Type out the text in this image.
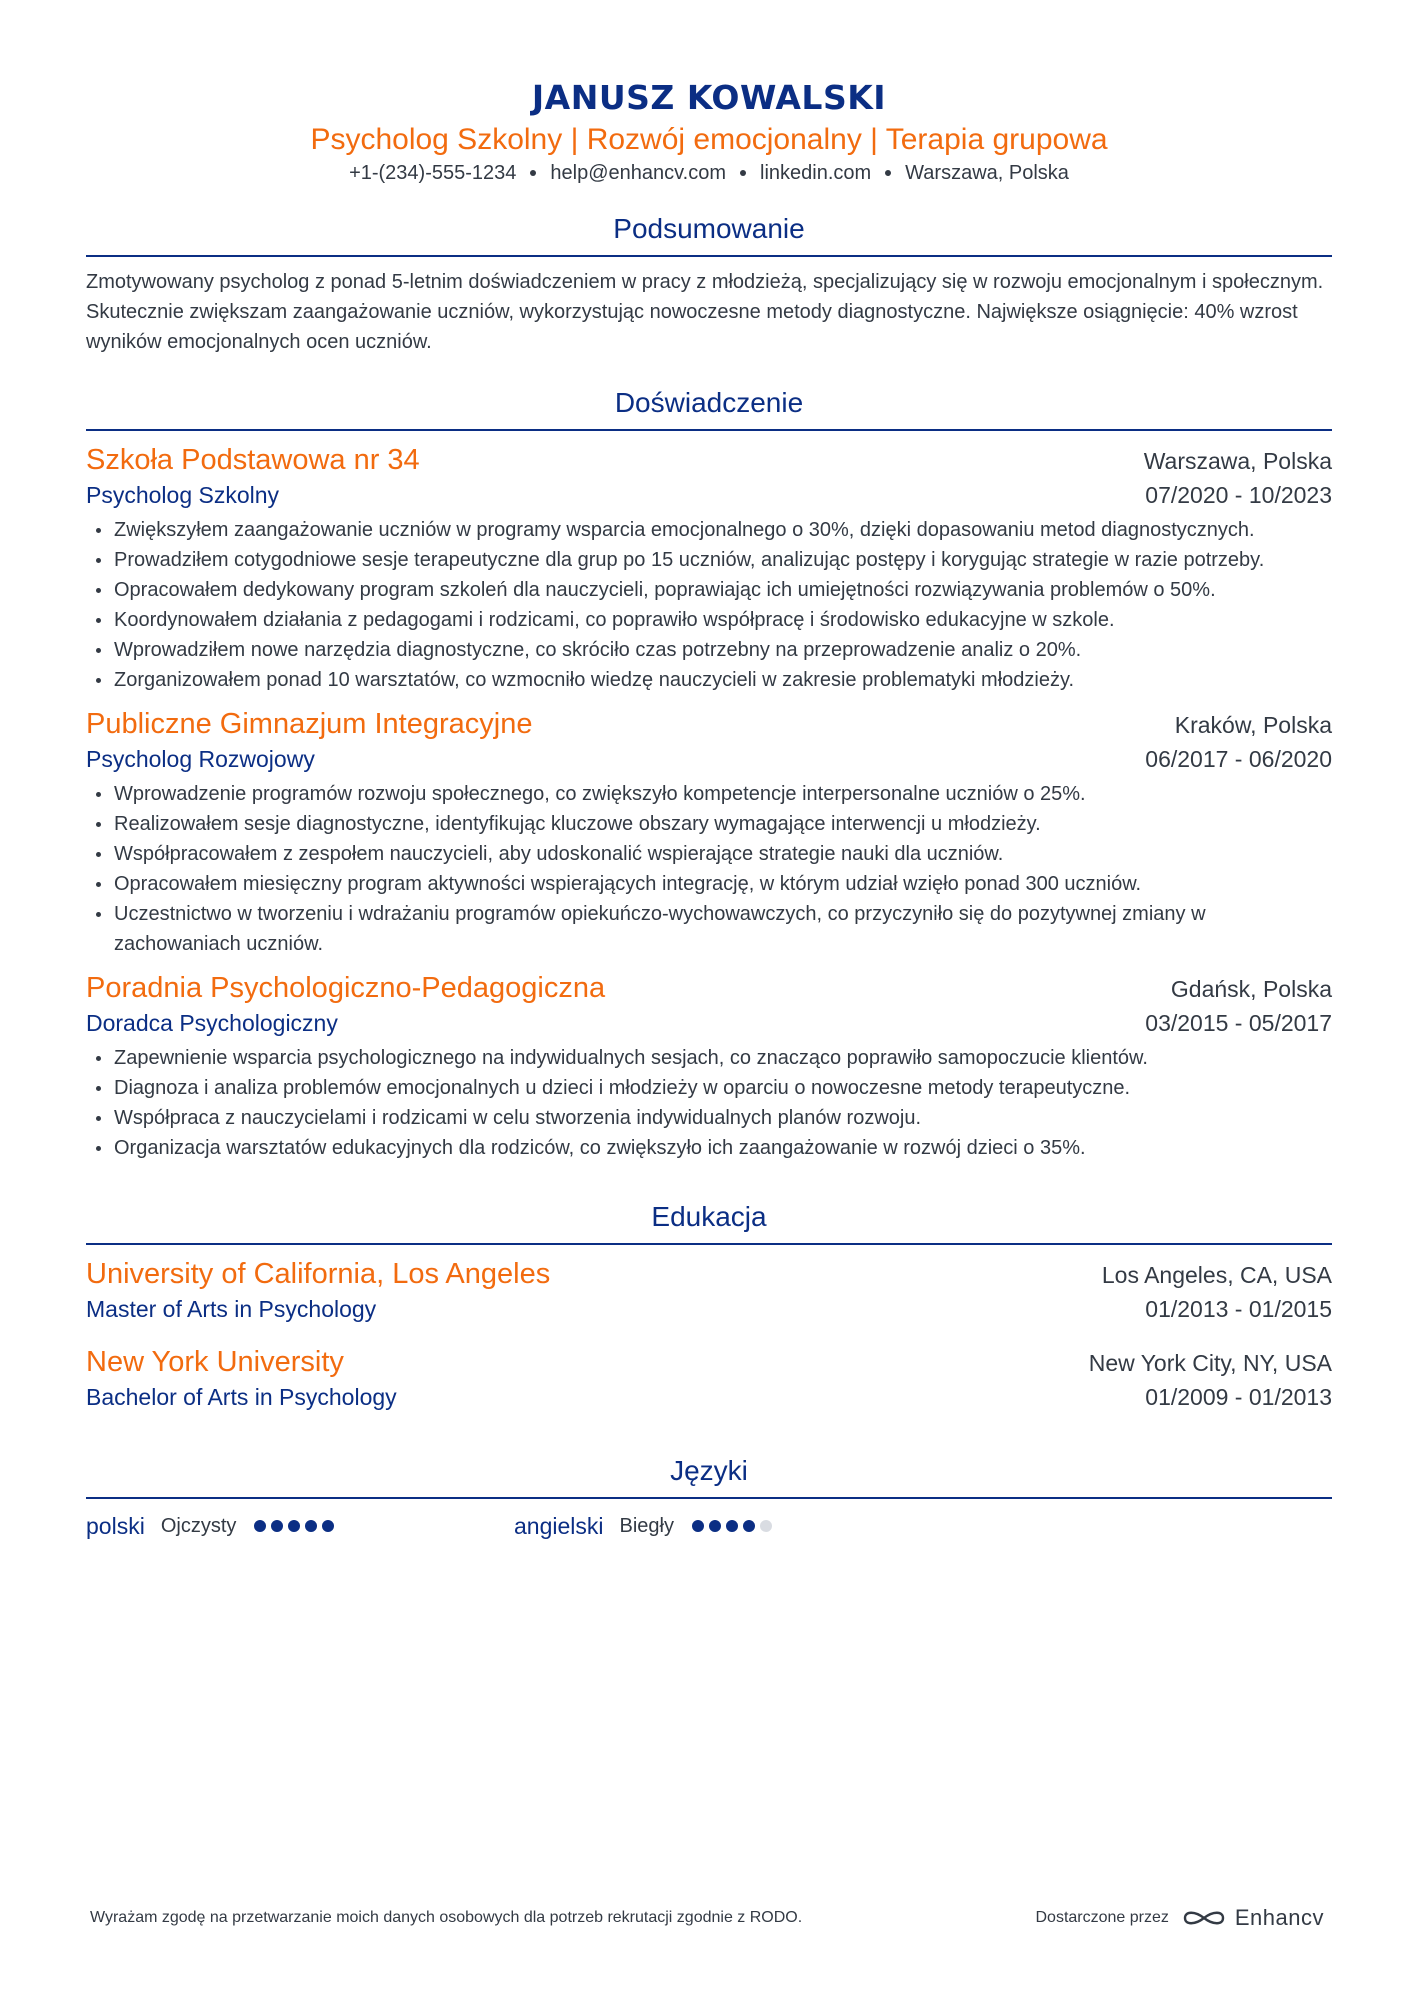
JANUSZ KOWALSKI
Psycholog Szkolny | Rozwój emocjonalny | Terapia grupowa
+1-(234)-555-1234 help@enhancv.com linkedin.com Warszawa, Polska
Podsumowanie
Zmotywowany psycholog z ponad 5-letnim doświadczeniem w pracy z młodzieżą, specjalizujący się w rozwoju emocjonalnym i społecznym. Skutecznie zwiększam zaangażowanie uczniów, wykorzystując nowoczesne metody diagnostyczne. Największe osiągnięcie: 40% wzrost wyników emocjonalnych ocen uczniów.
Doświadczenie
Szkoła Podstawowa nr 34	Warszawa, Polska
Psycholog Szkolny	07/2020 - 10/2023
Zwiększyłem zaangażowanie uczniów w programy wsparcia emocjonalnego o 30%, dzięki dopasowaniu metod diagnostycznych.
Prowadziłem cotygodniowe sesje terapeutyczne dla grup po 15 uczniów, analizując postępy i korygując strategie w razie potrzeby.
Opracowałem dedykowany program szkoleń dla nauczycieli, poprawiając ich umiejętności rozwiązywania problemów o 50%.
Koordynowałem działania z pedagogami i rodzicami, co poprawiło współpracę i środowisko edukacyjne w szkole.
Wprowadziłem nowe narzędzia diagnostyczne, co skróciło czas potrzebny na przeprowadzenie analiz o 20%.
Zorganizowałem ponad 10 warsztatów, co wzmocniło wiedzę nauczycieli w zakresie problematyki młodzieży.
Publiczne Gimnazjum Integracyjne	Kraków, Polska
Psycholog Rozwojowy	06/2017 - 06/2020
Wprowadzenie programów rozwoju społecznego, co zwiększyło kompetencje interpersonalne uczniów o 25%.
Realizowałem sesje diagnostyczne, identyfikując kluczowe obszary wymagające interwencji u młodzieży.
Współpracowałem z zespołem nauczycieli, aby udoskonalić wspierające strategie nauki dla uczniów.
Opracowałem miesięczny program aktywności wspierających integrację, w którym udział wzięło ponad 300 uczniów.
Uczestnictwo w tworzeniu i wdrażaniu programów opiekuńczo-wychowawczych, co przyczyniło się do pozytywnej zmiany w zachowaniach uczniów.
Poradnia Psychologiczno-Pedagogiczna	Gdańsk, Polska
Doradca Psychologiczny	03/2015 - 05/2017
Zapewnienie wsparcia psychologicznego na indywidualnych sesjach, co znacząco poprawiło samopoczucie klientów.
Diagnoza i analiza problemów emocjonalnych u dzieci i młodzieży w oparciu o nowoczesne metody terapeutyczne.
Współpraca z nauczycielami i rodzicami w celu stworzenia indywidualnych planów rozwoju.
Organizacja warsztatów edukacyjnych dla rodziców, co zwiększyło ich zaangażowanie w rozwój dzieci o 35%.
Edukacja
University of California, Los Angeles	Los Angeles, CA, USA
Master of Arts in Psychology	01/2013 - 01/2015
New York University	New York City, NY, USA
Bachelor of Arts in Psychology	01/2009 - 01/2013
Języki
polski Ojczysty	angielski Biegły
Wyrażam zgodę na przetwarzanie moich danych osobowych dla potrzeb rekrutacji zgodnie z RODO.	Dostarczone przez	Enhancv
